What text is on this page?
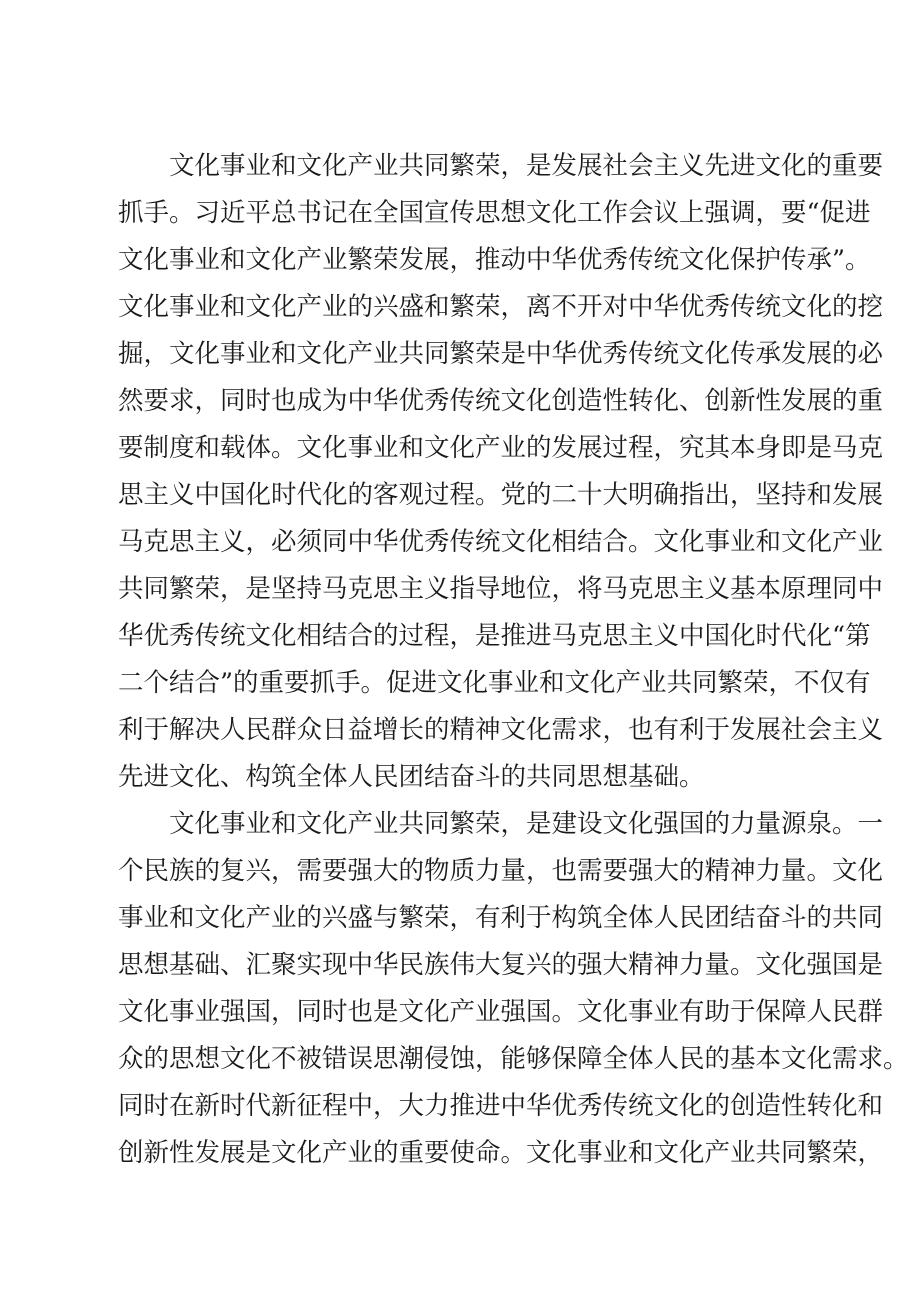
文化事业和文化产业共同繁荣，是发展社会主义先进文化的重要
抓手。习近平总书记在全国宣传思想文化工作会议上强调，要“促进
文化事业和文化产业繁荣发展，推动中华优秀传统文化保护传承”。
文化事业和文化产业的兴盛和繁荣，离不开对中华优秀传统文化的挖
掘，文化事业和文化产业共同繁荣是中华优秀传统文化传承发展的必
然要求，同时也成为中华优秀传统文化创造性转化、创新性发展的重
要制度和载体。文化事业和文化产业的发展过程，究其本身即是马克
思主义中国化时代化的客观过程。党的二十大明确指出，坚持和发展
马克思主义，必须同中华优秀传统文化相结合。文化事业和文化产业
共同繁荣，是坚持马克思主义指导地位，将马克思主义基本原理同中
华优秀传统文化相结合的过程，是推进马克思主义中国化时代化“第
二个结合”的重要抓手。促进文化事业和文化产业共同繁荣，不仅有
利于解决人民群众日益增长的精神文化需求，也有利于发展社会主义
先进文化、构筑全体人民团结奋斗的共同思想基础。
文化事业和文化产业共同繁荣，是建设文化强国的力量源泉。一
个民族的复兴，需要强大的物质力量，也需要强大的精神力量。文化
事业和文化产业的兴盛与繁荣，有利于构筑全体人民团结奋斗的共同
思想基础、汇聚实现中华民族伟大复兴的强大精神力量。文化强国是
文化事业强国，同时也是文化产业强国。文化事业有助于保障人民群
众的思想文化不被错误思潮侵蚀，能够保障全体人民的基本文化需求。
同时在新时代新征程中，大力推进中华优秀传统文化的创造性转化和
创新性发展是文化产业的重要使命。文化事业和文化产业共同繁荣，
